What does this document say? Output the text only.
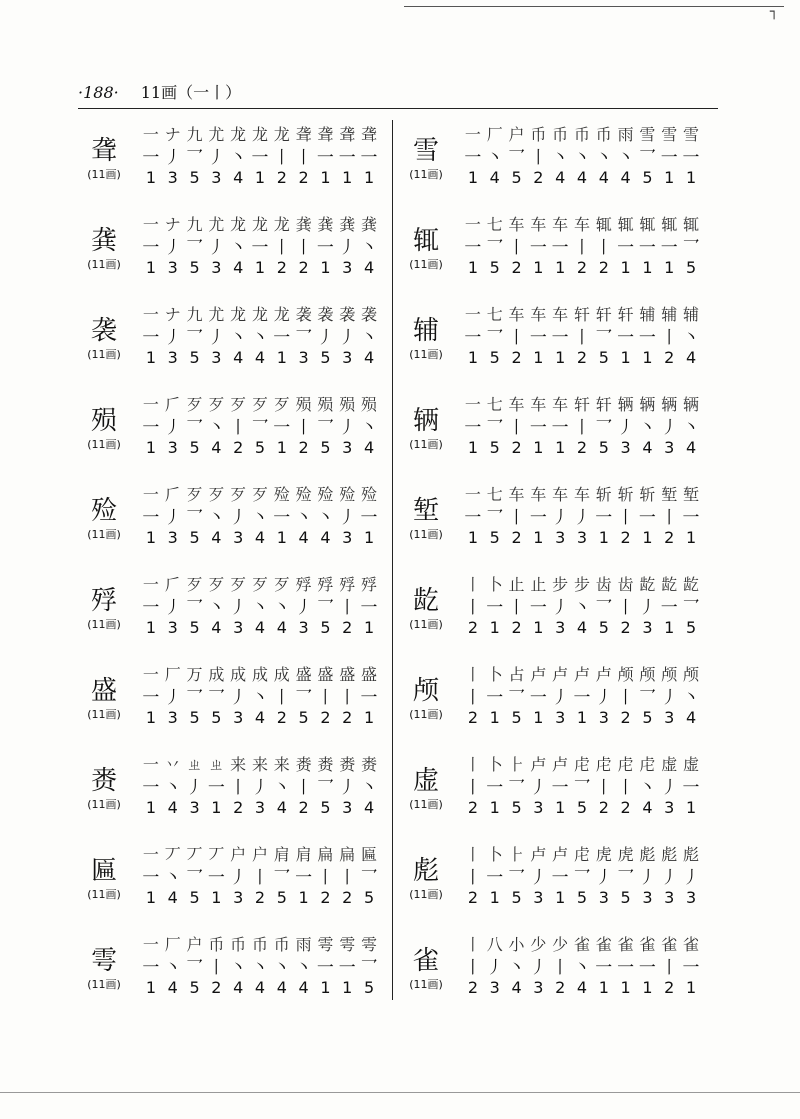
┐
·188· 11画（一丨）
聋
(11画)
一 ナ 九 尤 龙 龙 龙 聋 聋 聋 聋
一 丿 乛 丿 丶 一 丨 丨 一 一 一
1 3 5 3 4 1 2 2 1 1 1
龚
(11画)
一 ナ 九 尤 龙 龙 龙 龚 龚 龚 龚
一 丿 乛 丿 丶 一 丨 丨 一 丿 丶
1 3 5 3 4 1 2 2 1 3 4
袭
(11画)
一 ナ 九 尤 龙 龙 龙 袭 袭 袭 袭
一 丿 乛 丿 丶 丶 一 乛 丿 丿 丶
1 3 5 3 4 4 1 3 5 3 4
殒
(11画)
一 𠂆 歹 歹 歹 歹 歹 殒 殒 殒 殒
一 丿 乛 丶 丨 乛 一 丨 乛 丿 丶
1 3 5 4 2 5 1 2 5 3 4
殓
(11画)
一 𠂆 歹 歹 歹 歹 殓 殓 殓 殓 殓
一 丿 乛 丶 丿 丶 一 丶 丶 丿 一
1 3 5 4 3 4 1 4 4 3 1
殍
(11画)
一 𠂆 歹 歹 歹 歹 歹 殍 殍 殍 殍
一 丿 乛 丶 丿 丶 丶 丿 乛 丨 一
1 3 5 4 3 4 4 3 5 2 1
盛
(11画)
一 厂 万 成 成 成 成 盛 盛 盛 盛
一 丿 乛 乛 丿 丶 丨 乛 丨 丨 一
1 3 5 5 3 4 2 5 2 2 1
赉
(11画)
一 丷 ㄓ ㄓ 来 来 来 赉 赉 赉 赉
一 丶 丿 一 丨 丿 丶 丨 乛 丿 丶
1 4 3 1 2 3 4 2 5 3 4
匾
(11画)
一 丆 丆 丆 户 户 肩 肩 扁 扁 匾
一 丶 乛 一 丿 丨 乛 一 丨 丨 乛
1 4 5 1 3 2 5 1 2 2 5
雩
(11画)
一 厂 户 币 币 币 币 雨 雩 雩 雩
一 丶 乛 丨 丶 丶 丶 丶 一 一 乛
1 4 5 2 4 4 4 4 1 1 5
雪
(11画)
一 厂 户 币 币 币 币 雨 雪 雪 雪
一 丶 乛 丨 丶 丶 丶 丶 乛 一 一
1 4 5 2 4 4 4 4 5 1 1
辄
(11画)
一 七 车 车 车 车 辄 辄 辄 辄 辄
一 乛 丨 一 一 丨 丨 一 一 一 乛
1 5 2 1 1 2 2 1 1 1 5
辅
(11画)
一 七 车 车 车 轩 轩 轩 辅 辅 辅
一 乛 丨 一 一 丨 乛 一 一 丨 丶
1 5 2 1 1 2 5 1 1 2 4
辆
(11画)
一 七 车 车 车 轩 轩 辆 辆 辆 辆
一 乛 丨 一 一 丨 乛 丿 丶 丿 丶
1 5 2 1 1 2 5 3 4 3 4
堑
(11画)
一 七 车 车 车 车 斩 斩 斩 堑 堑
一 乛 丨 一 丿 丿 一 丨 一 丨 一
1 5 2 1 3 3 1 2 1 2 1
龁
(11画)
丨 卜 止 止 步 步 齿 齿 龁 龁 龁
丨 一 丨 一 丿 丶 乛 丨 丿 一 乛
2 1 2 1 3 4 5 2 3 1 5
颅
(11画)
丨 卜 占 卢 卢 卢 卢 颅 颅 颅 颅
丨 一 乛 一 丿 一 丿 丨 乛 丿 丶
2 1 5 1 3 1 3 2 5 3 4
虚
(11画)
丨 卜 ⺊ 卢 卢 虍 虍 虍 虍 虚 虚
丨 一 乛 丿 一 乛 丨 丨 丶 丿 一
2 1 5 3 1 5 2 2 4 3 1
彪
(11画)
丨 卜 ⺊ 卢 卢 虍 虎 虎 彪 彪 彪
丨 一 乛 丿 一 乛 丿 乛 丿 丿 丿
2 1 5 3 1 5 3 5 3 3 3
雀
(11画)
丨 八 小 少 少 雀 雀 雀 雀 雀 雀
丨 丿 丶 丿 丨 丶 一 一 一 丨 一
2 3 4 3 2 4 1 1 1 2 1
